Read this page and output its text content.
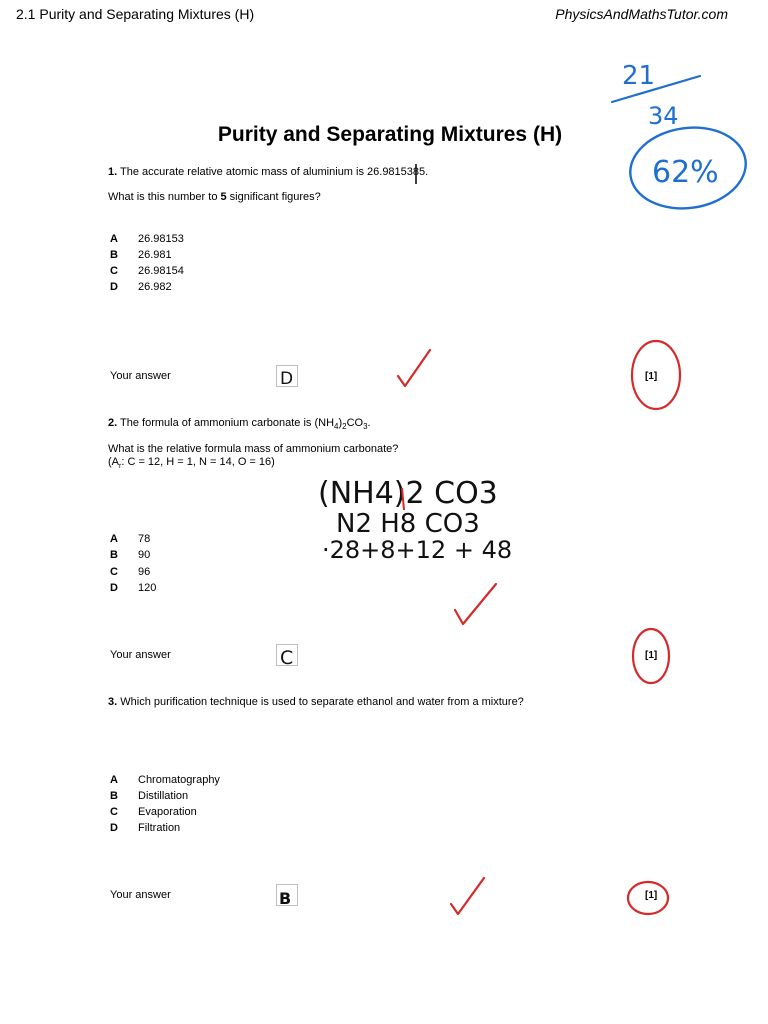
2.1 Purity and Separating Mixtures (H)	PhysicsAndMathsTutor.com
Purity and Separating Mixtures (H)
1. The accurate relative atomic mass of aluminium is 26.9815385.
What is this number to 5 significant figures?
A 26.98153
B 26.981
C 26.98154
D 26.982
Your answer	[1]
2. The formula of ammonium carbonate is $(NH_4)_2CO_3$.
What is the relative formula mass of ammonium carbonate?
($A_r$: C = 12, H = 1, N = 14, O = 16)
A 78
B 90
C 96
D 120
Your answer	[1]
3. Which purification technique is used to separate ethanol and water from a mixture?
A Chromatography
B Distillation
C Evaporation
D Filtration
Your answer	[1]
21
34
62%
D
(NH4)2 CO3
N2 H8 CO3
·28+8+12 + 48
C
B
